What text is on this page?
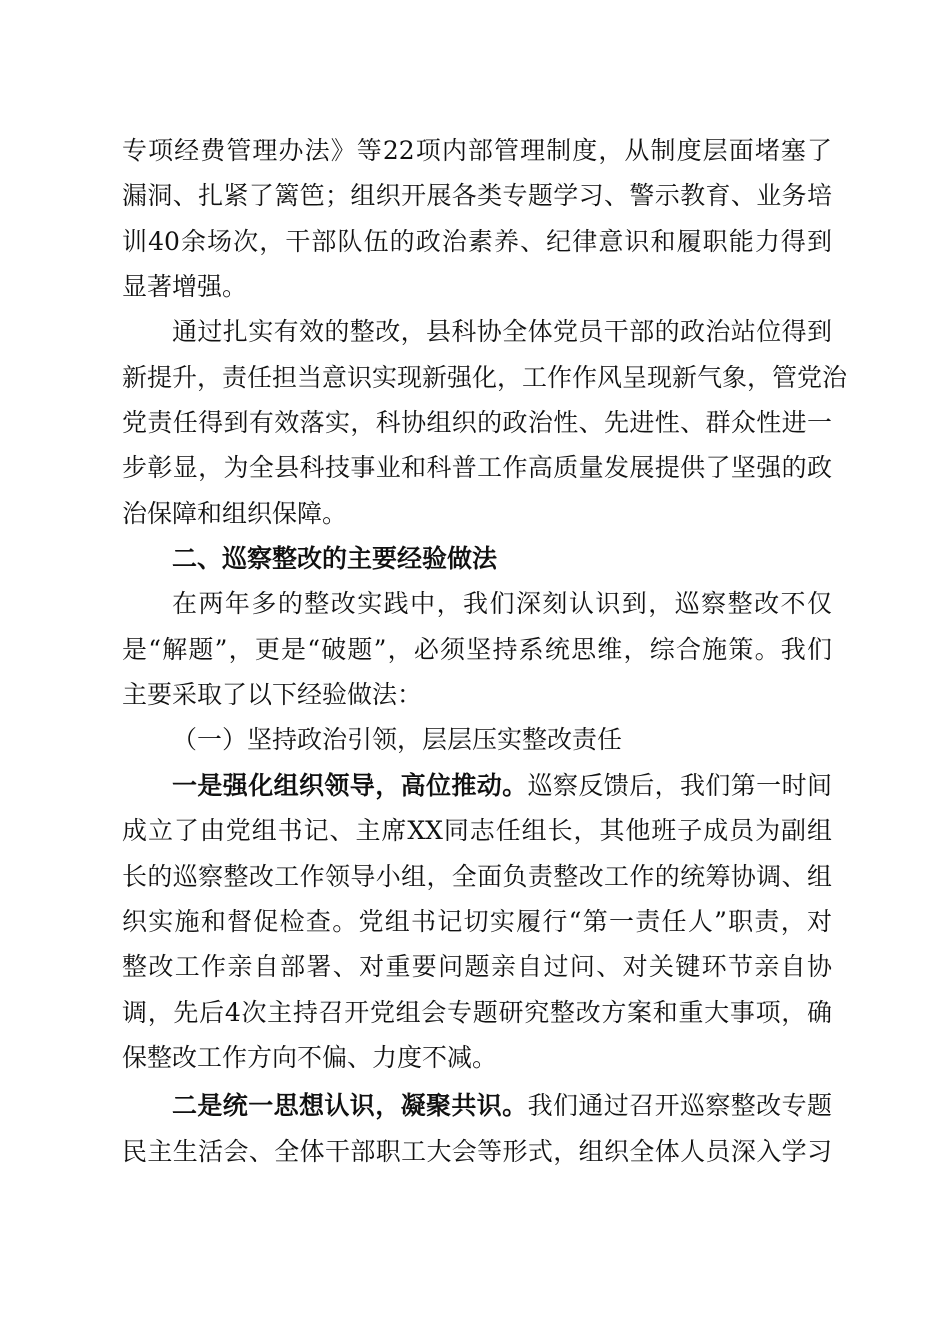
专项经费管理办法》等22项内部管理制度，从制度层面堵塞了
漏洞、扎紧了篱笆；组织开展各类专题学习、警示教育、业务培
训40余场次，干部队伍的政治素养、纪律意识和履职能力得到
显著增强。
通过扎实有效的整改，县科协全体党员干部的政治站位得到
新提升，责任担当意识实现新强化，工作作风呈现新气象，管党治
党责任得到有效落实，科协组织的政治性、先进性、群众性进一
步彰显，为全县科技事业和科普工作高质量发展提供了坚强的政
治保障和组织保障。
二、巡察整改的主要经验做法
在两年多的整改实践中，我们深刻认识到，巡察整改不仅
是“解题”，更是“破题”，必须坚持系统思维，综合施策。我们
主要采取了以下经验做法：
（一）坚持政治引领，层层压实整改责任
一是强化组织领导，高位推动。巡察反馈后，我们第一时间
成立了由党组书记、主席XX同志任组长，其他班子成员为副组
长的巡察整改工作领导小组，全面负责整改工作的统筹协调、组
织实施和督促检查。党组书记切实履行“第一责任人”职责，对
整改工作亲自部署、对重要问题亲自过问、对关键环节亲自协
调，先后4次主持召开党组会专题研究整改方案和重大事项，确
保整改工作方向不偏、力度不减。
二是统一思想认识，凝聚共识。我们通过召开巡察整改专题
民主生活会、全体干部职工大会等形式，组织全体人员深入学习
